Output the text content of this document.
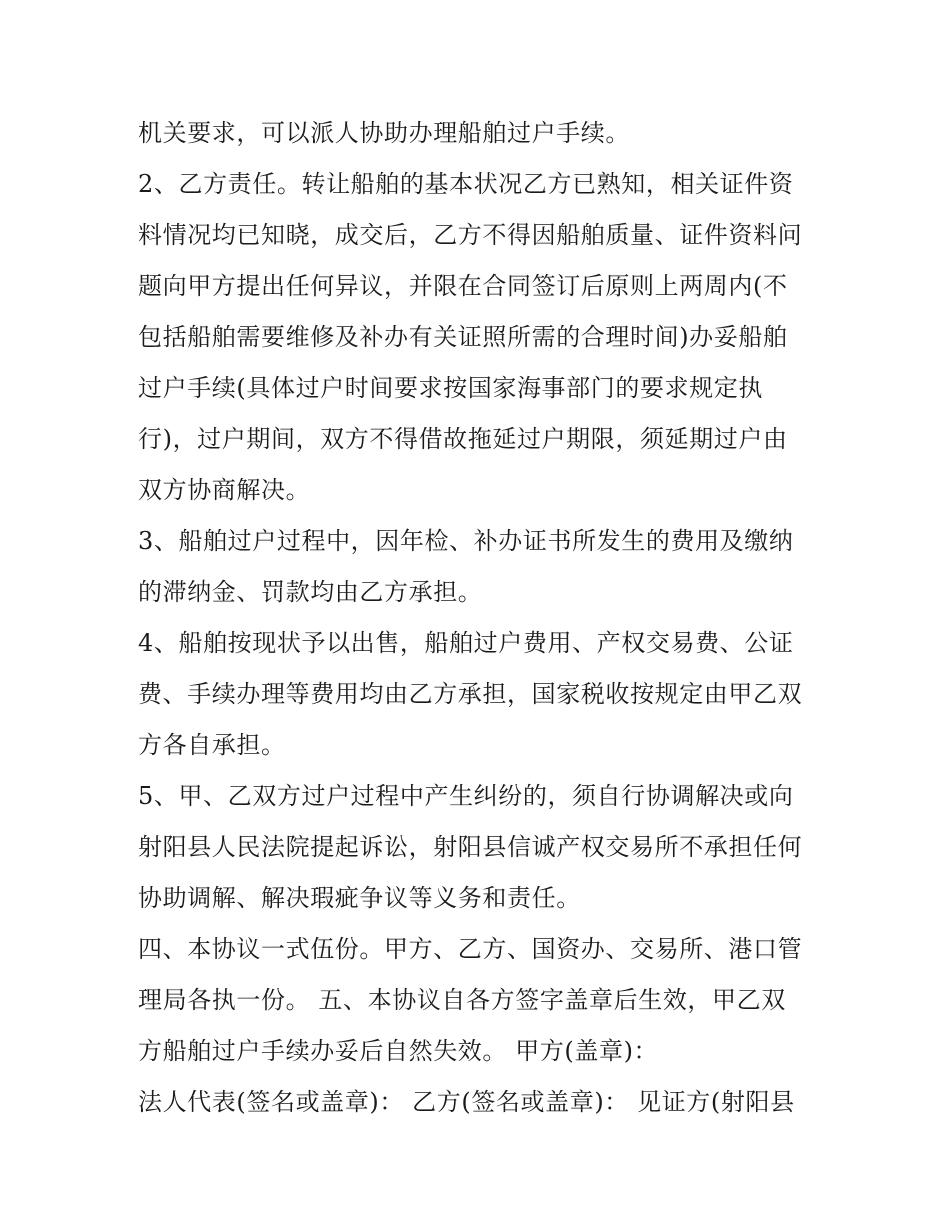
机关要求，可以派人协助办理船舶过户手续。
2、乙方责任。转让船舶的基本状况乙方已熟知，相关证件资
料情况均已知晓，成交后，乙方不得因船舶质量、证件资料问
题向甲方提出任何异议，并限在合同签订后原则上两周内(不
包括船舶需要维修及补办有关证照所需的合理时间)办妥船舶
过户手续(具体过户时间要求按国家海事部门的要求规定执
行)，过户期间，双方不得借故拖延过户期限，须延期过户由
双方协商解决。
3、船舶过户过程中，因年检、补办证书所发生的费用及缴纳
的滞纳金、罚款均由乙方承担。
4、船舶按现状予以出售，船舶过户费用、产权交易费、公证
费、手续办理等费用均由乙方承担，国家税收按规定由甲乙双
方各自承担。
5、甲、乙双方过户过程中产生纠纷的，须自行协调解决或向
射阳县人民法院提起诉讼，射阳县信诚产权交易所不承担任何
协助调解、解决瑕疵争议等义务和责任。
四、本协议一式伍份。甲方、乙方、国资办、交易所、港口管
理局各执一份。 五、本协议自各方签字盖章后生效，甲乙双
方船舶过户手续办妥后自然失效。 甲方(盖章)：
法人代表(签名或盖章)： 乙方(签名或盖章)： 见证方(射阳县
